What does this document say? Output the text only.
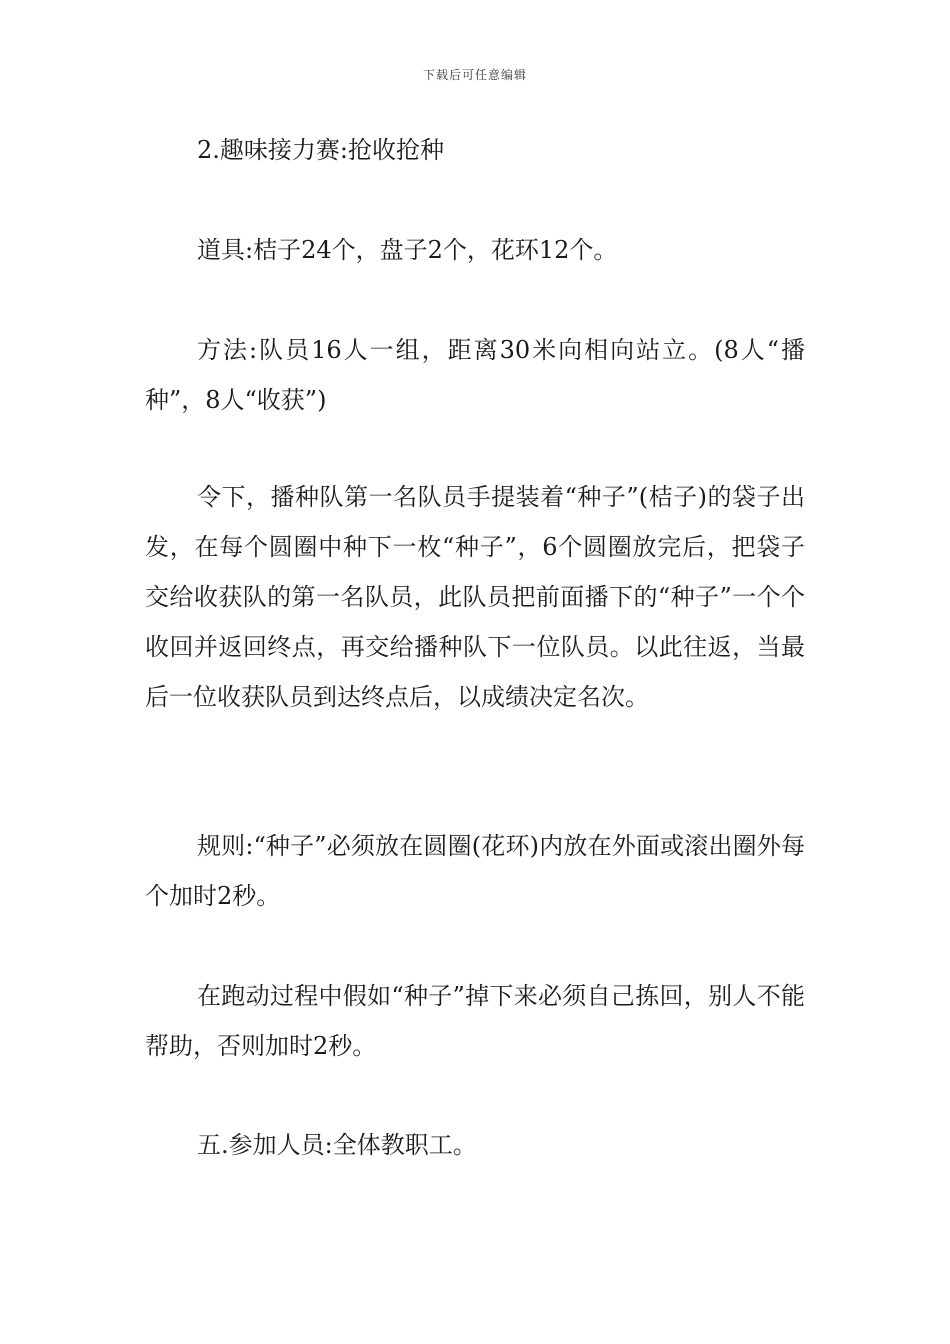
下载后可任意编辑

2.趣味接力赛:抢收抢种

道具:桔子24个，盘子2个，花环12个。

方法:队员16人一组，距离30米向相向站立。(8人“播种”，8人“收获”)

令下，播种队第一名队员手提装着“种子”(桔子)的袋子出发，在每个圆圈中种下一枚“种子”，6个圆圈放完后，把袋子交给收获队的第一名队员，此队员把前面播下的“种子”一个个收回并返回终点，再交给播种队下一位队员。以此往返，当最后一位收获队员到达终点后，以成绩决定名次。

规则:“种子”必须放在圆圈(花环)内放在外面或滚出圈外每个加时2秒。

在跑动过程中假如“种子”掉下来必须自己拣回，别人不能帮助，否则加时2秒。

五.参加人员:全体教职工。
